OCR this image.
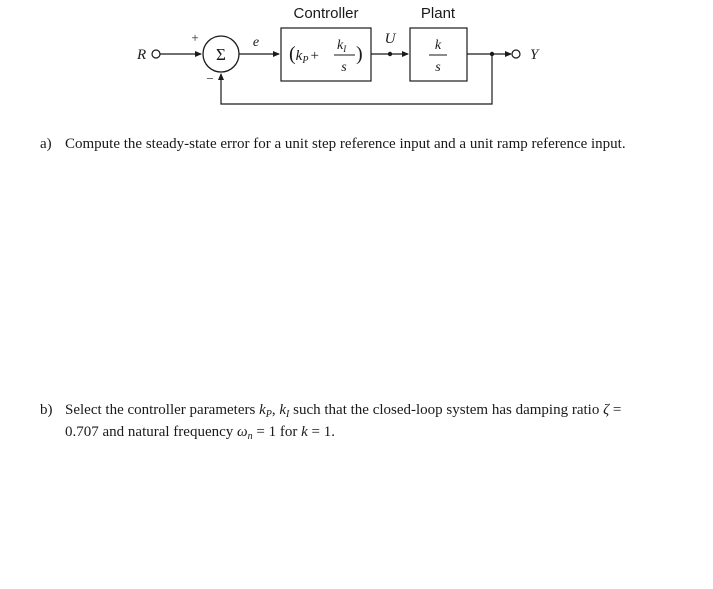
Controller	Plant
R	Σ
+
−
e
(kP +
$k_I$
s
)
U	k
s
Y
a) Compute the steady-state error for a unit step reference input and a unit ramp reference input.
b) Select the controller parameters $k_P$, $k_I$ such that the closed-loop system has damping ratio ζ =
0.707 and natural frequency $\omega_n = 1$ for k = 1.
